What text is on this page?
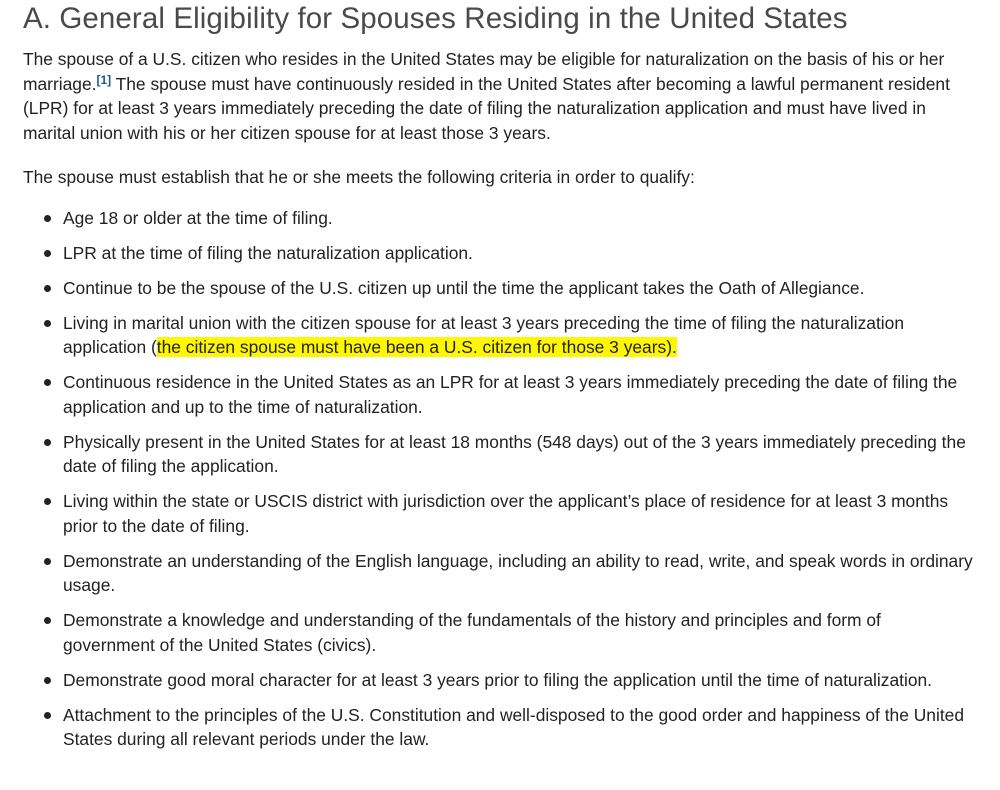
A. General Eligibility for Spouses Residing in the United States

The spouse of a U.S. citizen who resides in the United States may be eligible for naturalization on the basis of his or her marriage.[1] The spouse must have continuously resided in the United States after becoming a lawful permanent resident (LPR) for at least 3 years immediately preceding the date of filing the naturalization application and must have lived in marital union with his or her citizen spouse for at least those 3 years.

The spouse must establish that he or she meets the following criteria in order to qualify:

Age 18 or older at the time of filing.
LPR at the time of filing the naturalization application.
Continue to be the spouse of the U.S. citizen up until the time the applicant takes the Oath of Allegiance.
Living in marital union with the citizen spouse for at least 3 years preceding the time of filing the naturalization application (the citizen spouse must have been a U.S. citizen for those 3 years).
Continuous residence in the United States as an LPR for at least 3 years immediately preceding the date of filing the application and up to the time of naturalization.
Physically present in the United States for at least 18 months (548 days) out of the 3 years immediately preceding the date of filing the application.
Living within the state or USCIS district with jurisdiction over the applicant’s place of residence for at least 3 months prior to the date of filing.
Demonstrate an understanding of the English language, including an ability to read, write, and speak words in ordinary usage.
Demonstrate a knowledge and understanding of the fundamentals of the history and principles and form of government of the United States (civics).
Demonstrate good moral character for at least 3 years prior to filing the application until the time of naturalization.
Attachment to the principles of the U.S. Constitution and well-disposed to the good order and happiness of the United States during all relevant periods under the law.
